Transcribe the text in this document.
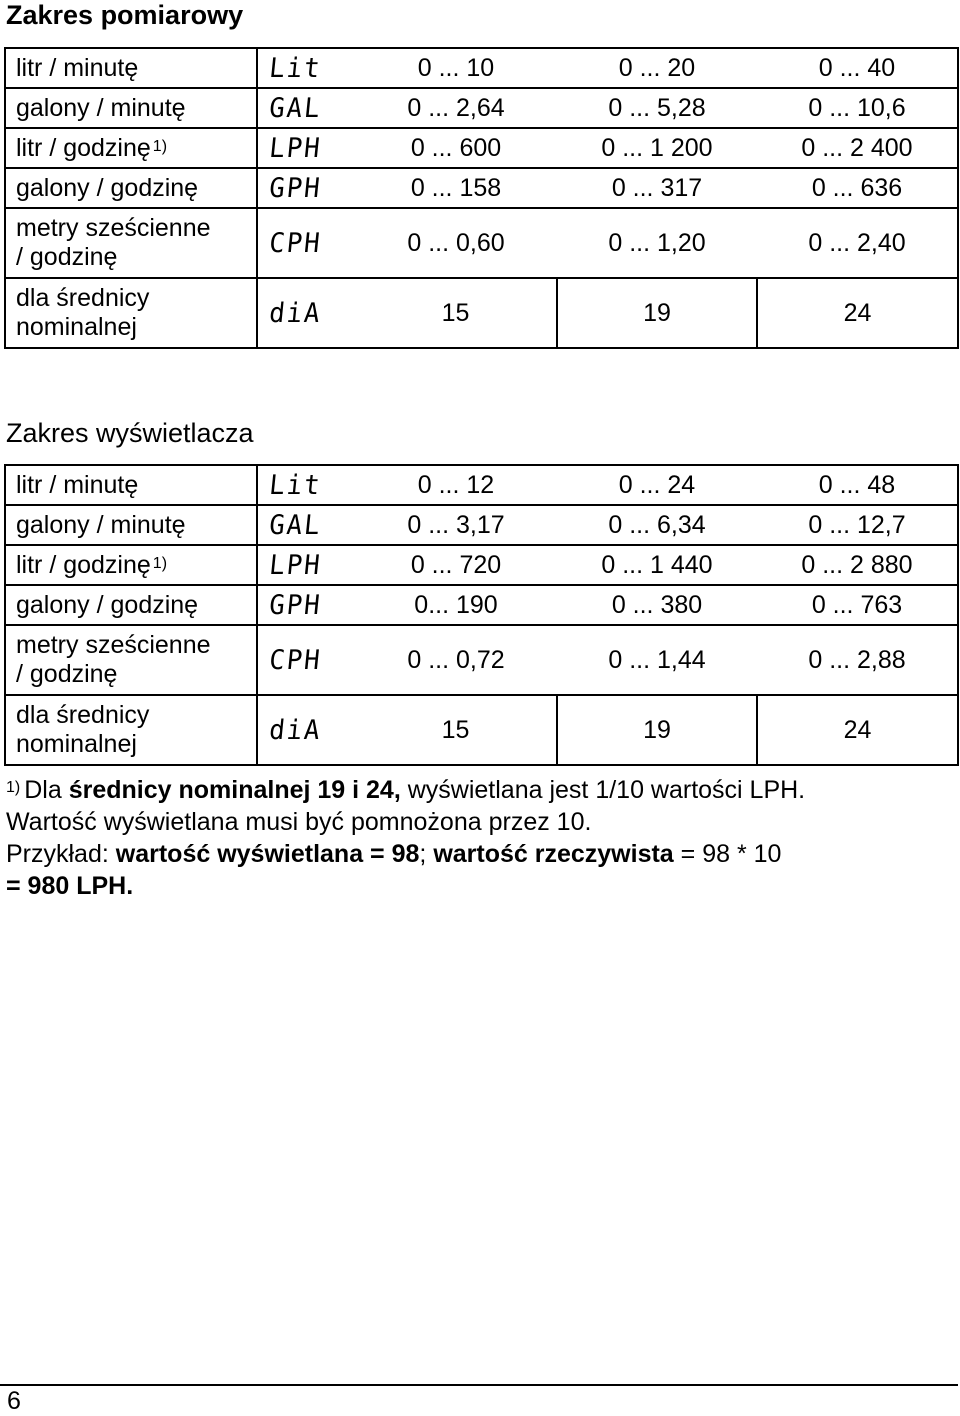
Zakres pomiarowy
litr / minutę	Lit	0 ... 10	0 ... 20	0 ... 40
galony / minutę	GAL	0 ... 2,64	0 ... 5,28	0 ... 10,6
litr / godzinę $^{1)}$	LPH	0 ... 600	0 ... 1 200	0 ... 2 400
galony / godzinę	GPH	0 ... 158	0 ... 317	0 ... 636
metry sześcienne
/ godzinę	CPH	0 ... 0,60	0 ... 1,20	0 ... 2,40
dla średnicy
nominalnej	diA	15	19	24
Zakres wyświetlacza
litr / minutę	Lit	0 ... 12	0 ... 24	0 ... 48
galony / minutę	GAL	0 ... 3,17	0 ... 6,34	0 ... 12,7
litr / godzinę $^{1)}$	LPH	0 ... 720	0 ... 1 440	0 ... 2 880
galony / godzinę	GPH	0... 190	0 ... 380	0 ... 763
metry sześcienne
/ godzinę	CPH	0 ... 0,72	0 ... 1,44	0 ... 2,88
dla średnicy
nominalnej	diA	15	19	24

$^{1)}$ Dla średnicy nominalnej 19 i 24, wyświetlana jest 1/10 wartości LPH.
Wartość wyświetlana musi być pomnożona przez 10.
Przykład: wartość wyświetlana = 98; wartość rzeczywista = 98 * 10
= 980 LPH.

6
